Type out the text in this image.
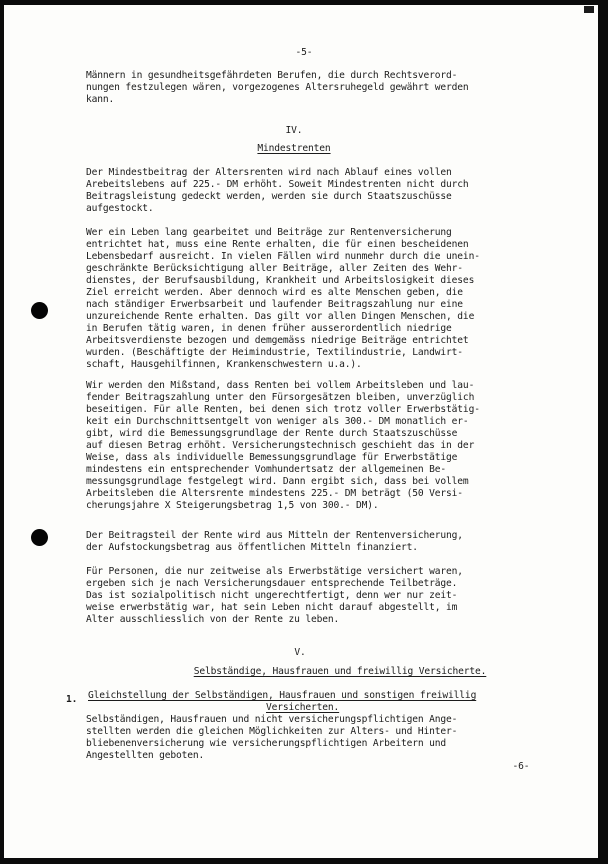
-5-
Männern in gesundheitsgefährdeten Berufen, die durch Rechtsverord-
nungen festzulegen wären, vorgezogenes Altersruhegeld gewährt werden
kann.
IV.
Mindestrenten
Der Mindestbeitrag der Altersrenten wird nach Ablauf eines vollen
Arebeitslebens auf 225.- DM erhöht. Soweit Mindestrenten nicht durch
Beitragsleistung gedeckt werden, werden sie durch Staatszuschüsse
aufgestockt.
Wer ein Leben lang gearbeitet und Beiträge zur Rentenversicherung
entrichtet hat, muss eine Rente erhalten, die für einen bescheidenen
Lebensbedarf ausreicht. In vielen Fällen wird nunmehr durch die unein-
geschränkte Berücksichtigung aller Beiträge, aller Zeiten des Wehr-
dienstes, der Berufsausbildung, Krankheit und Arbeitslosigkeit dieses
Ziel erreicht werden. Aber dennoch wird es alte Menschen geben, die
nach ständiger Erwerbsarbeit und laufender Beitragszahlung nur eine
unzureichende Rente erhalten. Das gilt vor allen Dingen Menschen, die
in Berufen tätig waren, in denen früher ausserordentlich niedrige
Arbeitsverdienste bezogen und demgemäss niedrige Beiträge entrichtet
wurden. (Beschäftigte der Heimindustrie, Textilindustrie, Landwirt-
schaft, Hausgehilfinnen, Krankenschwestern u.a.).
Wir werden den Mißstand, dass Renten bei vollem Arbeitsleben und lau-
fender Beitragszahlung unter den Fürsorgesätzen bleiben, unverzüglich
beseitigen. Für alle Renten, bei denen sich trotz voller Erwerbstätig-
keit ein Durchschnittsentgelt von weniger als 300.- DM monatlich er-
gibt, wird die Bemessungsgrundlage der Rente durch Staatszuschüsse
auf diesen Betrag erhöht. Versicherungstechnisch geschieht das in der
Weise, dass als individuelle Bemessungsgrundlage für Erwerbstätige
mindestens ein entsprechender Vomhundertsatz der allgemeinen Be-
messungsgrundlage festgelegt wird. Dann ergibt sich, dass bei vollem
Arbeitsleben die Altersrente mindestens 225.- DM beträgt (50 Versi-
cherungsjahre X Steigerungsbetrag 1,5 von 300.- DM).
Der Beitragsteil der Rente wird aus Mitteln der Rentenversicherung,
der Aufstockungsbetrag aus öffentlichen Mitteln finanziert.
Für Personen, die nur zeitweise als Erwerbstätige versichert waren,
ergeben sich je nach Versicherungsdauer entsprechende Teilbeträge.
Das ist sozialpolitisch nicht ungerechtfertigt, denn wer nur zeit-
weise erwerbstätig war, hat sein Leben nicht darauf abgestellt, im
Alter ausschliesslich von der Rente zu leben.
V.
Selbständige, Hausfrauen und freiwillig Versicherte.
1. Gleichstellung der Selbständigen, Hausfrauen und sonstigen freiwillig
Versicherten.
Selbständigen, Hausfrauen und nicht versicherungspflichtigen Ange-
stellten werden die gleichen Möglichkeiten zur Alters- und Hinter-
bliebenenversicherung wie versicherungspflichtigen Arbeitern und
Angestellten geboten.
-6-
